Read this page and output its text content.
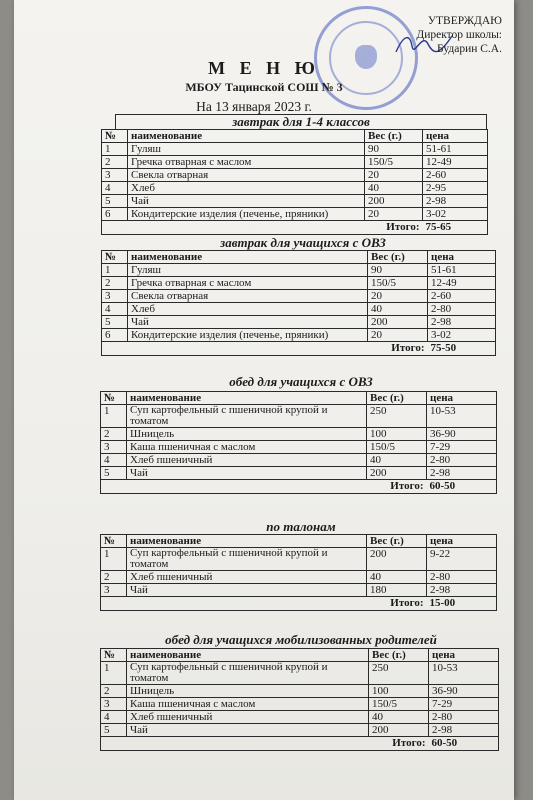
УТВЕРЖДАЮ
Директор школы:
Бударин С.А.
М Е Н Ю
МБОУ Тацинской СОШ № 3
На 13 января 2023 г.
завтрак для 1-4 классов
№	наименование	Вес (г.)	цена
1	Гуляш	90	51-61
2	Гречка отварная с маслом	150/5	12-49
3	Свекла отварная	20	2-60
4	Хлеб	40	2-95
5	Чай	200	2-98
6	Кондитерские изделия (печенье, пряники)	20	3-02
Итого:			75-65
завтрак для учащихся с ОВЗ
№	наименование	Вес (г.)	цена
1	Гуляш	90	51-61
2	Гречка отварная с маслом	150/5	12-49
3	Свекла отварная	20	2-60
4	Хлеб	40	2-80
5	Чай	200	2-98
6	Кондитерские изделия (печенье, пряники)	20	3-02
Итого:			75-50
обед для учащихся с ОВЗ
№	наименование	Вес (г.)	цена
1	Суп картофельный с пшеничной крупой и томатом	250	10-53
2	Шницель	100	36-90
3	Каша пшеничная с маслом	150/5	7-29
4	Хлеб пшеничный	40	2-80
5	Чай	200	2-98
Итого:			60-50
по талонам
№	наименование	Вес (г.)	цена
1	Суп картофельный с пшеничной крупой и томатом	200	9-22
2	Хлеб пшеничный	40	2-80
3	Чай	180	2-98
Итого:			15-00
обед для учащихся мобилизованных родителей
№	наименование	Вес (г.)	цена
1	Суп картофельный с пшеничной крупой и томатом	250	10-53
2	Шницель	100	36-90
3	Каша пшеничная с маслом	150/5	7-29
4	Хлеб пшеничный	40	2-80
5	Чай	200	2-98
Итого:			60-50
